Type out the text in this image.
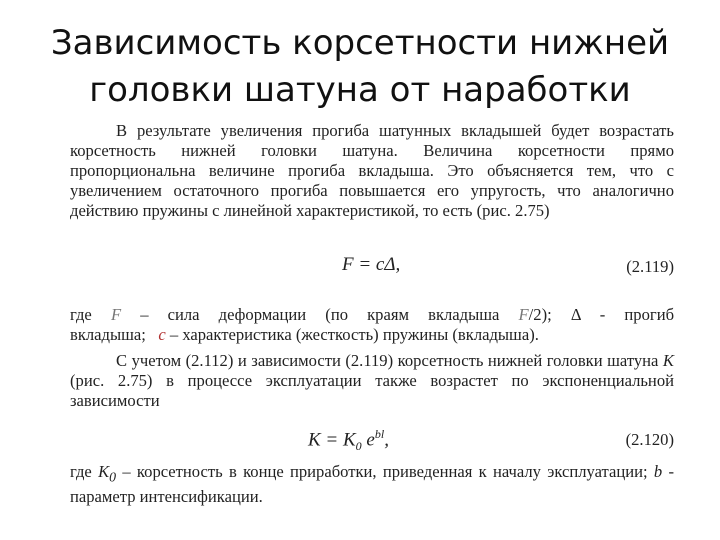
Зависимость корсетности нижней головки шатуна от наработки
В результате увеличения прогиба шатунных вкладышей будет возрастать корсетность нижней головки шатуна. Величина корсетности прямо пропорциональна величине прогиба вкладыша. Это объясняется тем, что с увеличением остаточного прогиба повышается его упругость, что аналогично действию пружины с линейной характеристикой, то есть (рис. 2.75)
F = cΔ,	(2.119)
где F – сила деформации (по краям вкладыша F/2); Δ - прогиб
вкладыша; c – характеристика (жесткость) пружины (вкладыша).
С учетом (2.112) и зависимости (2.119) корсетность нижней головки шатуна K (рис. 2.75) в процессе эксплуатации также возрастет по экспоненциальной зависимости
$K = K_0$ $e^{bl}$,	(2.120)
где $K_0$ – корсетность в конце приработки, приведенная к началу эксплуатации; b - параметр интенсификации.
